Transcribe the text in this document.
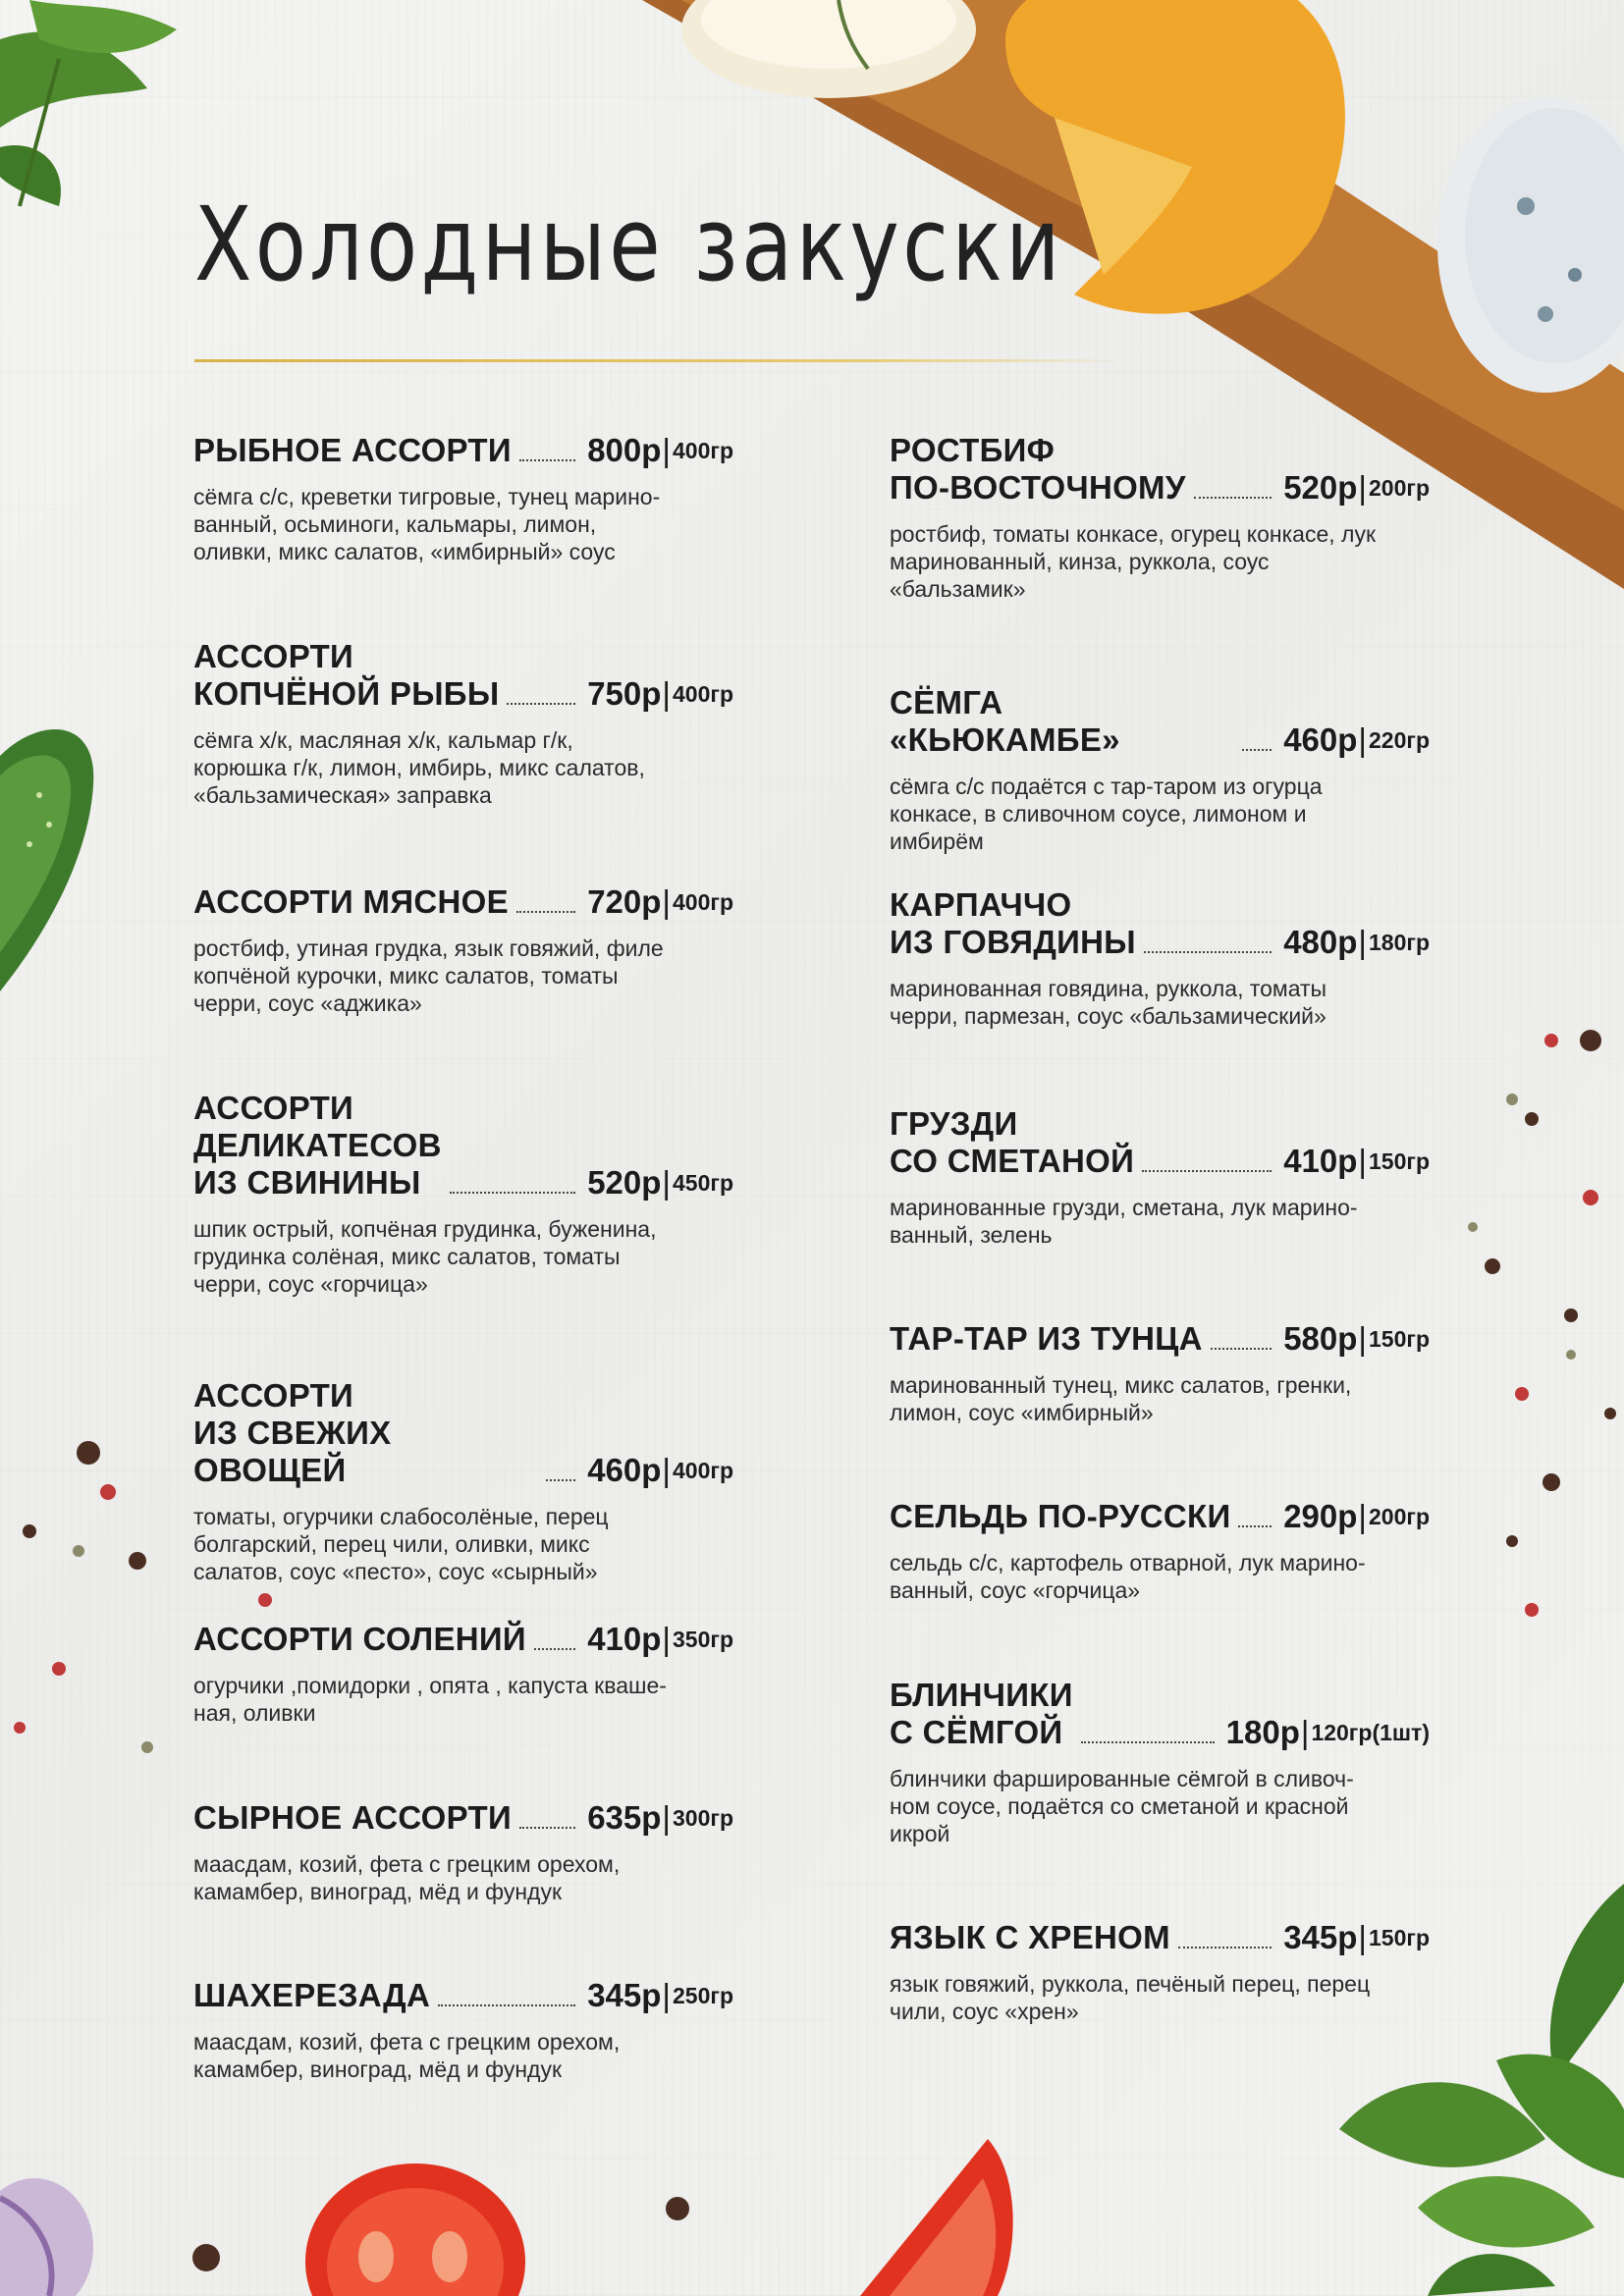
Холодные закуски
РЫБНОЕ АССОРТИ 800р | 400гр
сёмга с/с, креветки тигровые, тунец марино-
ванный, осьминоги, кальмары, лимон,
оливки, микс салатов, «имбирный» соус
АССОРТИ
КОПЧЁНОЙ РЫБЫ	750р | 400гр
сёмга х/к, масляная х/к, кальмар г/к,
корюшка г/к, лимон, имбирь, микс салатов,
«бальзамическая» заправка
АССОРТИ МЯСНОЕ 720р | 400гр
ростбиф, утиная грудка, язык говяжий, филе
копчёной курочки, микс салатов, томаты
черри, соус «аджика»
АССОРТИ
ДЕЛИКАТЕСОВ
ИЗ СВИНИНЫ	520р | 450гр
шпик острый, копчёная грудинка, буженина,
грудинка солёная, микс салатов, томаты
черри, соус «горчица»
АССОРТИ
ИЗ СВЕЖИХ ОВОЩЕЙ	460р | 400гр
томаты, огурчики слабосолёные, перец
болгарский, перец чили, оливки, микс
салатов, соус «песто», соус «сырный»
АССОРТИ СОЛЕНИЙ 410р | 350гр
огурчики ,помидорки , опята , капуста кваше-
ная, оливки
СЫРНОЕ АССОРТИ 635р | 300гр
маасдам, козий, фета с грецким орехом,
камамбер, виноград, мёд и фундук
ШАХЕРЕЗАДА	345р | 250гр
маасдам, козий, фета с грецким орехом,
камамбер, виноград, мёд и фундук
РОСТБИФ
ПО-ВОСТОЧНОМУ	520р | 200гр
ростбиф, томаты конкасе, огурец конкасе, лук
маринованный, кинза, руккола, соус
«бальзамик»
СЁМГА «КЬЮКАМБЕ»	460р | 220гр
сёмга с/с подаётся с тар-таром из огурца
конкасе, в сливочном соусе, лимоном и
имбирём
КАРПАЧЧО
ИЗ ГОВЯДИНЫ	480р | 180гр
маринованная говядина, руккола, томаты
черри, пармезан, соус «бальзамический»
ГРУЗДИ
СО СМЕТАНОЙ	410р | 150гр
маринованные грузди, сметана, лук марино-
ванный, зелень
ТАР-ТАР ИЗ ТУНЦА 580р | 150гр
маринованный тунец, микс салатов, гренки,
лимон, соус «имбирный»
СЕЛЬДЬ ПО-РУССКИ 290р | 200гр
сельдь с/с, картофель отварной, лук марино-
ванный, соус «горчица»
БЛИНЧИКИ
С СЁМГОЙ	180р | 120гр(1шт)
блинчики фаршированные сёмгой в сливоч-
ном соусе, подаётся со сметаной и красной
икрой
ЯЗЫК С ХРЕНОМ	345р | 150гр
язык говяжий, руккола, печёный перец, перец
чили, соус «хрен»
